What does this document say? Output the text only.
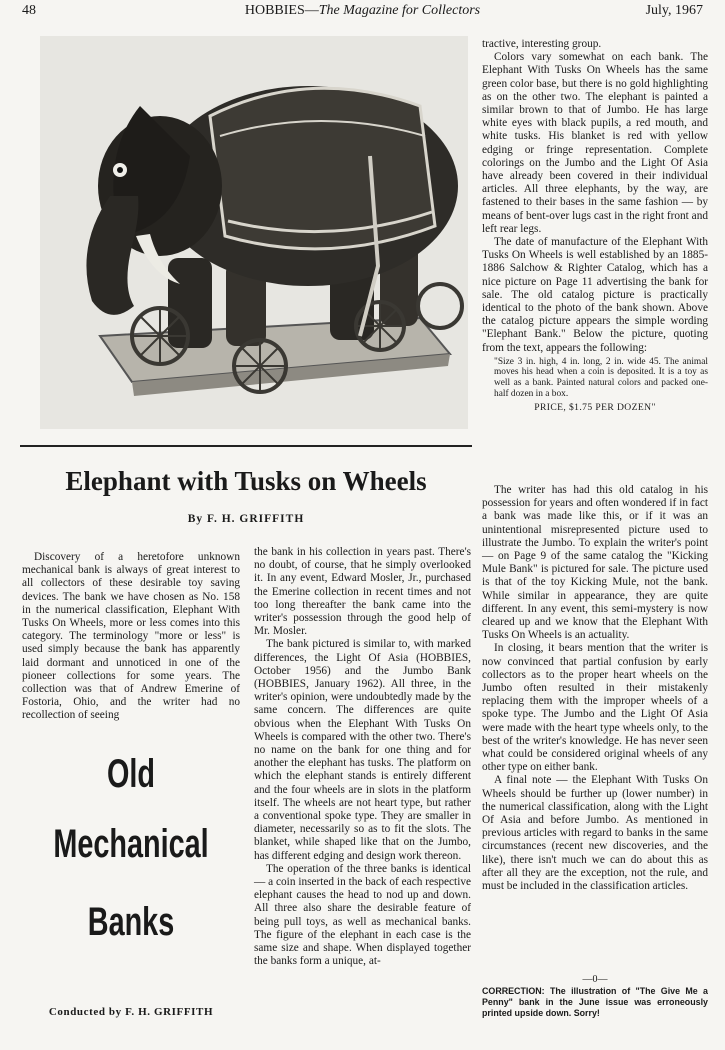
48	HOBBIES—The Magazine for Collectors	July, 1967
Elephant with Tusks on Wheels
By F. H. GRIFFITH

Discovery of a heretofore unknown mechanical bank is always of great interest to all collectors of these desirable toy saving devices. The bank we have chosen as No. 158 in the numerical classification, Elephant With Tusks On Wheels, more or less comes into this category. The terminology "more or less" is used simply because the bank has apparently laid dormant and unnoticed in one of the pioneer collections for some years. The collection was that of Andrew Emerine of Fostoria, Ohio, and the writer had no recollection of seeing

Old
Mechanical
Banks
Conducted by F. H. GRIFFITH

the bank in his collection in years past. There's no doubt, of course, that he simply overlooked it. In any event, Edward Mosler, Jr., purchased the Emerine collection in recent times and not too long thereafter the bank came into the writer's possession through the good help of Mr. Mosler.

The bank pictured is similar to, with marked differences, the Light Of Asia (HOBBIES, October 1956) and the Jumbo Bank (HOBBIES, January 1962). All three, in the writer's opinion, were undoubtedly made by the same concern. The differences are quite obvious when the Elephant With Tusks On Wheels is compared with the other two. There's no name on the bank for one thing and for another the elephant has tusks. The platform on which the elephant stands is entirely different and the four wheels are in slots in the platform itself. The wheels are not heart type, but rather a conventional spoke type. They are smaller in diameter, necessarily so as to fit the slots. The blanket, while shaped like that on the Jumbo, has different edging and design work thereon.

The operation of the three banks is identical — a coin inserted in the back of each respective elephant causes the head to nod up and down. All three also share the desirable feature of being pull toys, as well as mechanical banks. The figure of the elephant in each case is the same size and shape. When displayed together the banks form a unique, at-

tractive, interesting group.

Colors vary somewhat on each bank. The Elephant With Tusks On Wheels has the same green color base, but there is no gold highlighting as on the other two. The elephant is painted a similar brown to that of Jumbo. He has large white eyes with black pupils, a red mouth, and white tusks. His blanket is red with yellow edging or fringe representation. Complete colorings on the Jumbo and the Light Of Asia have already been covered in their individual articles. All three elephants, by the way, are fastened to their bases in the same fashion — by means of bent-over lugs cast in the right front and left rear legs.

The date of manufacture of the Elephant With Tusks On Wheels is well established by an 1885-1886 Salchow & Righter Catalog, which has a nice picture on Page 11 advertising the bank for sale. The old catalog picture is practically identical to the photo of the bank shown. Above the catalog picture appears the simple wording "Elephant Bank." Below the picture, quoting from the text, appears the following:

"Size 3 in. high, 4 in. long, 2 in. wide 45. The animal moves his head when a coin is deposited. It is a toy as well as a bank. Painted natural colors and packed one-half dozen in a box.
PRICE, $1.75 PER DOZEN"

The writer has had this old catalog in his possession for years and often wondered if in fact a bank was made like this, or if it was an unintentional misrepresented picture used to illustrate the Jumbo. To explain the writer's point — on Page 9 of the same catalog the "Kicking Mule Bank" is pictured for sale. The picture used is that of the toy Kicking Mule, not the bank. While similar in appearance, they are quite different. In any event, this semi-mystery is now cleared up and we know that the Elephant With Tusks On Wheels is an actuality.

In closing, it bears mention that the writer is now convinced that partial confusion by early collectors as to the proper heart wheels on the Jumbo often resulted in their mistakenly replacing them with the improper wheels of a spoke type. The Jumbo and the Light Of Asia were made with the heart type wheels only, to the best of the writer's knowledge. He has never seen what could be considered original wheels of any other type on either bank.

A final note — the Elephant With Tusks On Wheels should be further up (lower number) in the numerical classification, along with the Light Of Asia and before Jumbo. As mentioned in previous articles with regard to banks in the same circumstances (recent new discoveries, and the like), there isn't much we can do about this as after all they are the exception, not the rule, and must be included in the classification articles.

—0—
CORRECTION: The illustration of "The Give Me a Penny" bank in the June issue was erroneously printed upside down. Sorry!
